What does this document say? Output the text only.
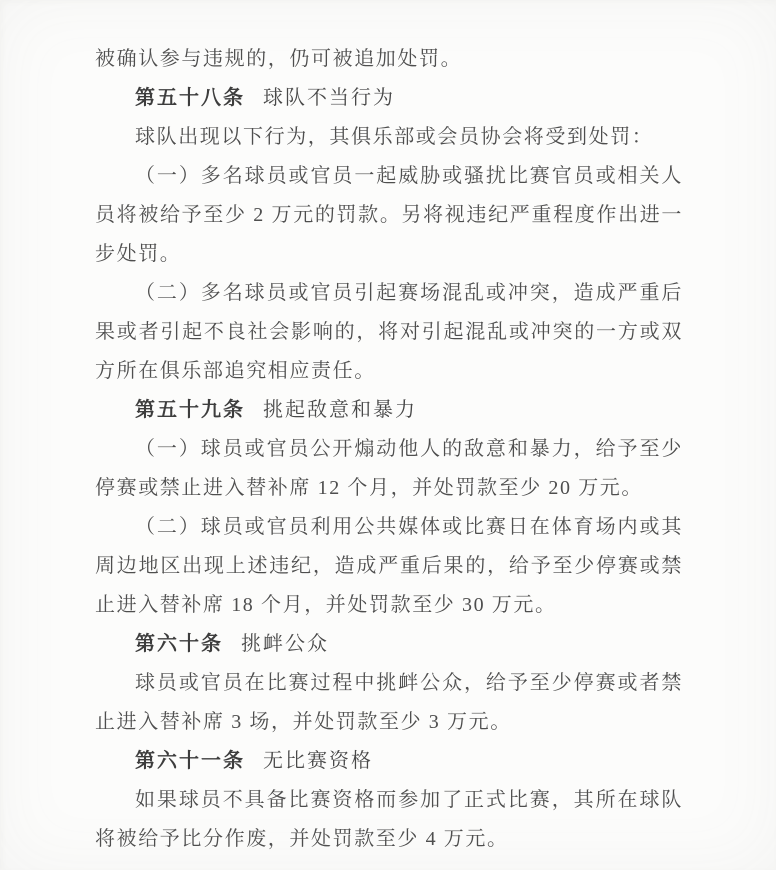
被确认参与违规的，仍可被追加处罚。

第五十八条 球队不当行为

球队出现以下行为，其俱乐部或会员协会将受到处罚：

（一）多名球员或官员一起威胁或骚扰比赛官员或相关人员将被给予至少 2 万元的罚款。另将视违纪严重程度作出进一步处罚。

（二）多名球员或官员引起赛场混乱或冲突，造成严重后果或者引起不良社会影响的，将对引起混乱或冲突的一方或双方所在俱乐部追究相应责任。

第五十九条 挑起敌意和暴力

（一）球员或官员公开煽动他人的敌意和暴力，给予至少停赛或禁止进入替补席 12 个月，并处罚款至少 20 万元。

（二）球员或官员利用公共媒体或比赛日在体育场内或其周边地区出现上述违纪，造成严重后果的，给予至少停赛或禁止进入替补席 18 个月，并处罚款至少 30 万元。

第六十条 挑衅公众

球员或官员在比赛过程中挑衅公众，给予至少停赛或者禁止进入替补席 3 场，并处罚款至少 3 万元。

第六十一条 无比赛资格

如果球员不具备比赛资格而参加了正式比赛，其所在球队将被给予比分作废，并处罚款至少 4 万元。
